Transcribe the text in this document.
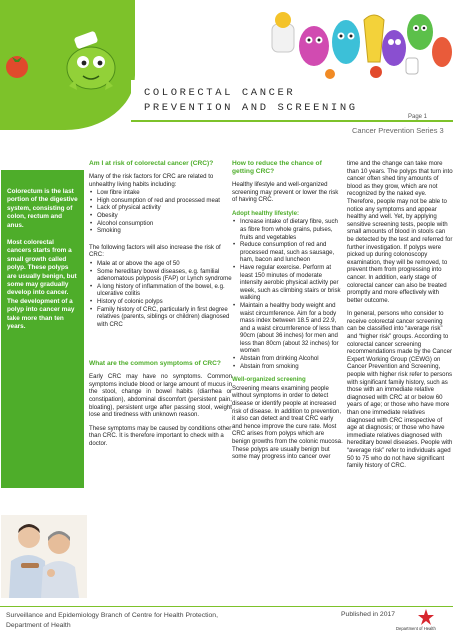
COLORECTAL CANCER
PREVENTION AND SCREENING
Page 1
Cancer Prevention Series 3

Colorectum is the last portion of the digestive system, consisting of colon, rectum and anus.

Most colorectal cancers starts from a small growth called polyp. These polyps are usually benign, but some may gradually develop into cancer. The development of a polyp into cancer may take more than ten years.

Am I at risk of colorectal cancer (CRC)?

Many of the risk factors for CRC are related to unhealthy living habits including:

• Low fibre intake
• High consumption of red and processed meat
• Lack of physical activity
• Obesity
• Alcohol consumption
• Smoking

The following factors will also increase the risk of CRC:

• Male at or above the age of 50
• Some hereditary bowel diseases, e.g. familial adenomatous polyposis (FAP) or Lynch syndrome
• A long history of inflammation of the bowel, e.g. ulcerative colitis
• History of colonic polyps
• Family history of CRC, particularly in first degree relatives (parents, siblings or children) diagnosed with CRC

What are the common symptoms of CRC?

Early CRC may have no symptoms. Common symptoms include blood or large amount of mucus in the stool, change in bowel habits (diarrhea or constipation), abdominal discomfort (persistent pain, bloating), persistent urge after passing stool, weight lose and tiredness with unknown reason.

These symptoms may be caused by conditions other than CRC. It is therefore important to check with a doctor.

How to reduce the chance of getting CRC?

Healthy lifestyle and well-organized screening may prevent or lower the risk of having CRC.

Adopt healthy lifestyle:

• Increase intake of dietary fibre, such as fibre from whole grains, pulses, fruits and vegetables
• Reduce consumption of red and processed meat, such as sausage, ham, bacon and luncheon
• Have regular exercise. Perform at least 150 minutes of moderate intensity aerobic physical activity per week, such as climbing stairs or brisk walking
• Maintain a healthy body weight and waist circumference. Aim for a body mass index between 18.5 and 22.9, and a waist circumference of less than 90cm (about 36 inches) for men and less than 80cm (about 32 inches) for women
• Abstain from drinking Alcohol
• Abstain from smoking

Well-organized screening

Screening means examining people without symptoms in order to detect disease or identify people at increased risk of disease. In addition to prevention, it also can detect and treat CRC early and hence improve the cure rate. Most CRC arises from polyps which are benign growths from the colonic mucosa. These polyps are usually benign but some may progress into cancer over

time and the change can take more than 10 years. The polyps that turn into cancer often shed tiny amounts of blood as they grow, which are not recognized by the naked eye. Therefore, people may not be able to notice any symptoms and appear healthy and well. Yet, by applying sensitive screening tests, people with small amounts of blood in stools can be detected by the test and referred for further investigation. If polyps were picked up during colonoscopy examination, they will be removed, to prevent them from progressing into cancer. In addition, early stage of colorectal cancer can also be treated promptly and more effectively with better outcome.

In general, persons who consider to receive colorectal cancer screening can be classified into “average risk” and “higher risk” groups. According to colorectal cancer screening recommendations made by the Cancer Expert Working Group (CEWG) on Cancer Prevention and Screening, people with higher risk refer to persons with significant family history, such as those with an immediate relative diagnosed with CRC at or below 60 years of age; or those who have more than one immediate relatives diagnosed with CRC irrespective of age at diagnosis; or those who have immediate relatives diagnosed with hereditary bowel diseases. People with “average risk” refer to individuals aged 50 to 75 who do not have significant family history of CRC.

Department of Health
Surveillance and Epidemiology Branch of Centre for Health Protection,
Department of Health
Published in 2017
